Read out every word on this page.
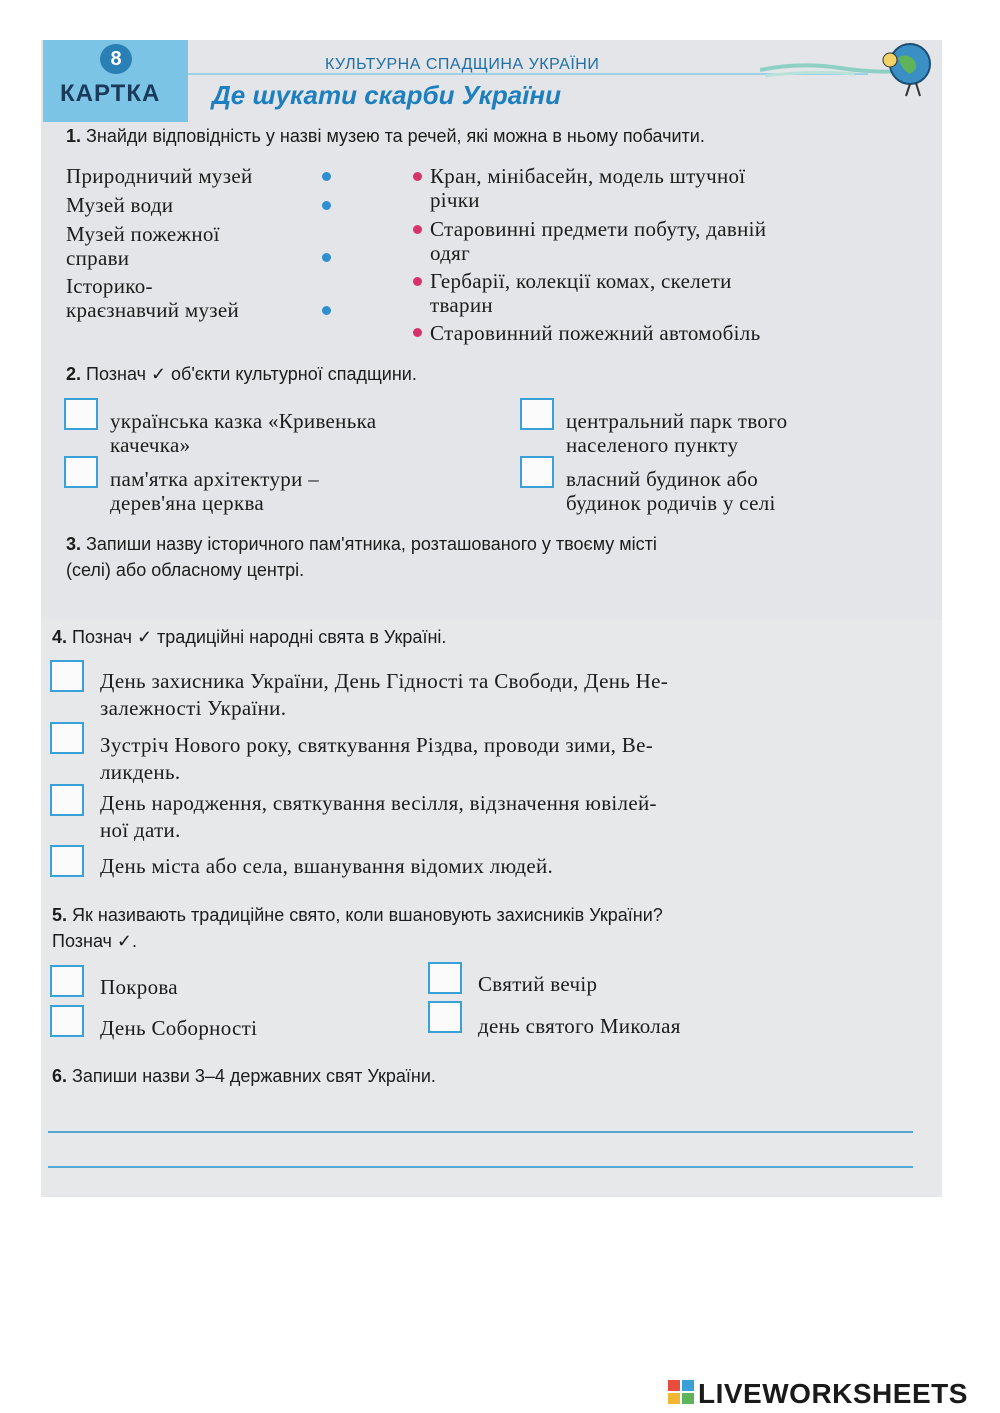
8
КАРТКА
КУЛЬТУРНА СПАДЩИНА УКРАЇНИ
Де шукати скарби України
1. Знайди відповідність у назві музею та речей, які можна в ньому побачити.
Природничий музей
Музей води
Музей пожежної
справи
Історико-
краєзнавчий музей
Кран, мінібасейн, модель штучної
річки
Старовинні предмети побуту, давній
одяг
Гербарії, колекції комах, скелети
тварин
Старовинний пожежний автомобіль
2. Познач ✓ об'єкти культурної спадщини.
українська казка «Кривенька
качечка»
пам'ятка архітектури –
дерев'яна церква
центральний парк твого
населеного пункту
власний будинок або
будинок родичів у селі
3. Запиши назву історичного пам'ятника, розташованого у твоєму місті
(селі) або обласному центрі.
4. Познач ✓ традиційні народні свята в Україні.
День захисника України, День Гідності та Свободи, День Не-
залежності України.
Зустріч Нового року, святкування Різдва, проводи зими, Ве-
ликдень.
День народження, святкування весілля, відзначення ювілей-
ної дати.
День міста або села, вшанування відомих людей.
5. Як називають традиційне свято, коли вшановують захисників України?
Познач ✓.
Покрова
День Соборності
Святий вечір
день святого Миколая
6. Запиши назви 3–4 державних свят України.
LIVEWORKSHEETS
